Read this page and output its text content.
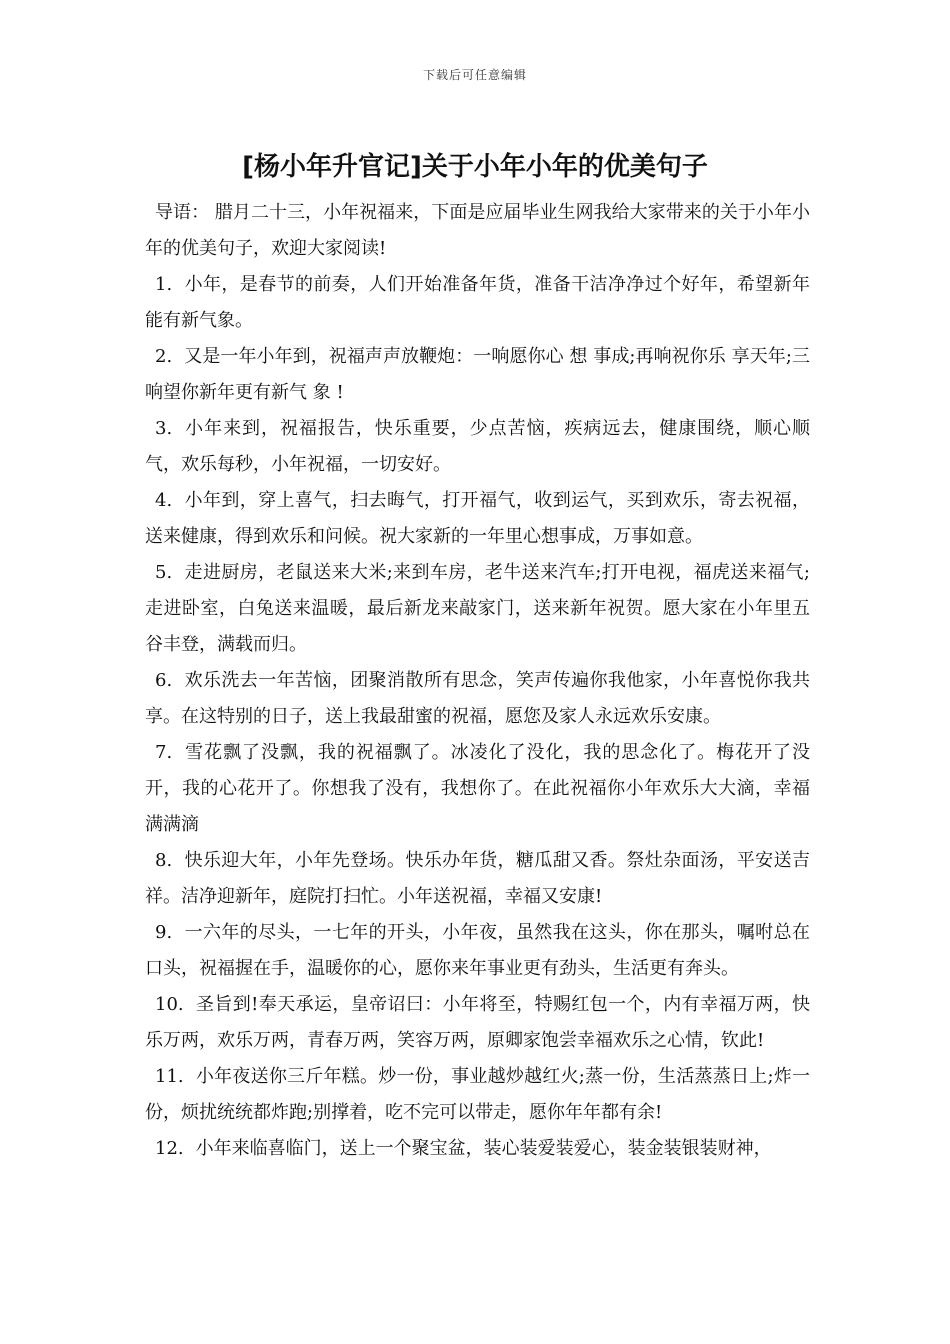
下载后可任意编辑
[杨小年升官记]关于小年小年的优美句子

导语： 腊月二十三，小年祝福来，下面是应届毕业生网我给大家带来的关于小年小年的优美句子，欢迎大家阅读!

1. 小年，是春节的前奏，人们开始准备年货，准备干洁净净过个好年，希望新年能有新气象。

2. 又是一年小年到，祝福声声放鞭炮：一响愿你心 想 事成;再响祝你乐 享天年;三响望你新年更有新气 象 !

3. 小年来到，祝福报告，快乐重要，少点苦恼，疾病远去，健康围绕，顺心顺气，欢乐每秒，小年祝福，一切安好。

4. 小年到，穿上喜气，扫去晦气，打开福气，收到运气，买到欢乐，寄去祝福，送来健康，得到欢乐和问候。祝大家新的一年里心想事成，万事如意。

5. 走进厨房，老鼠送来大米;来到车房，老牛送来汽车;打开电视，福虎送来福气;走进卧室，白兔送来温暖，最后新龙来敲家门，送来新年祝贺。愿大家在小年里五谷丰登，满载而归。

6. 欢乐洗去一年苦恼，团聚消散所有思念，笑声传遍你我他家，小年喜悦你我共享。在这特别的日子，送上我最甜蜜的祝福，愿您及家人永远欢乐安康。

7. 雪花飘了没飘，我的祝福飘了。冰凌化了没化，我的思念化了。梅花开了没开，我的心花开了。你想我了没有，我想你了。在此祝福你小年欢乐大大滴，幸福满满滴

8. 快乐迎大年，小年先登场。快乐办年货，糖瓜甜又香。祭灶杂面汤，平安送吉祥。洁净迎新年，庭院打扫忙。小年送祝福，幸福又安康!

9. 一六年的尽头，一七年的开头，小年夜，虽然我在这头，你在那头，嘱咐总在口头，祝福握在手，温暖你的心，愿你来年事业更有劲头，生活更有奔头。

10. 圣旨到!奉天承运，皇帝诏曰：小年将至，特赐红包一个，内有幸福万两，快乐万两，欢乐万两，青春万两，笑容万两，原卿家饱尝幸福欢乐之心情，钦此!

11. 小年夜送你三斤年糕。炒一份，事业越炒越红火;蒸一份，生活蒸蒸日上;炸一份，烦扰统统都炸跑;别撑着，吃不完可以带走，愿你年年都有余!

12. 小年来临喜临门，送上一个聚宝盆，装心装爱装爱心，装金装银装财神，
